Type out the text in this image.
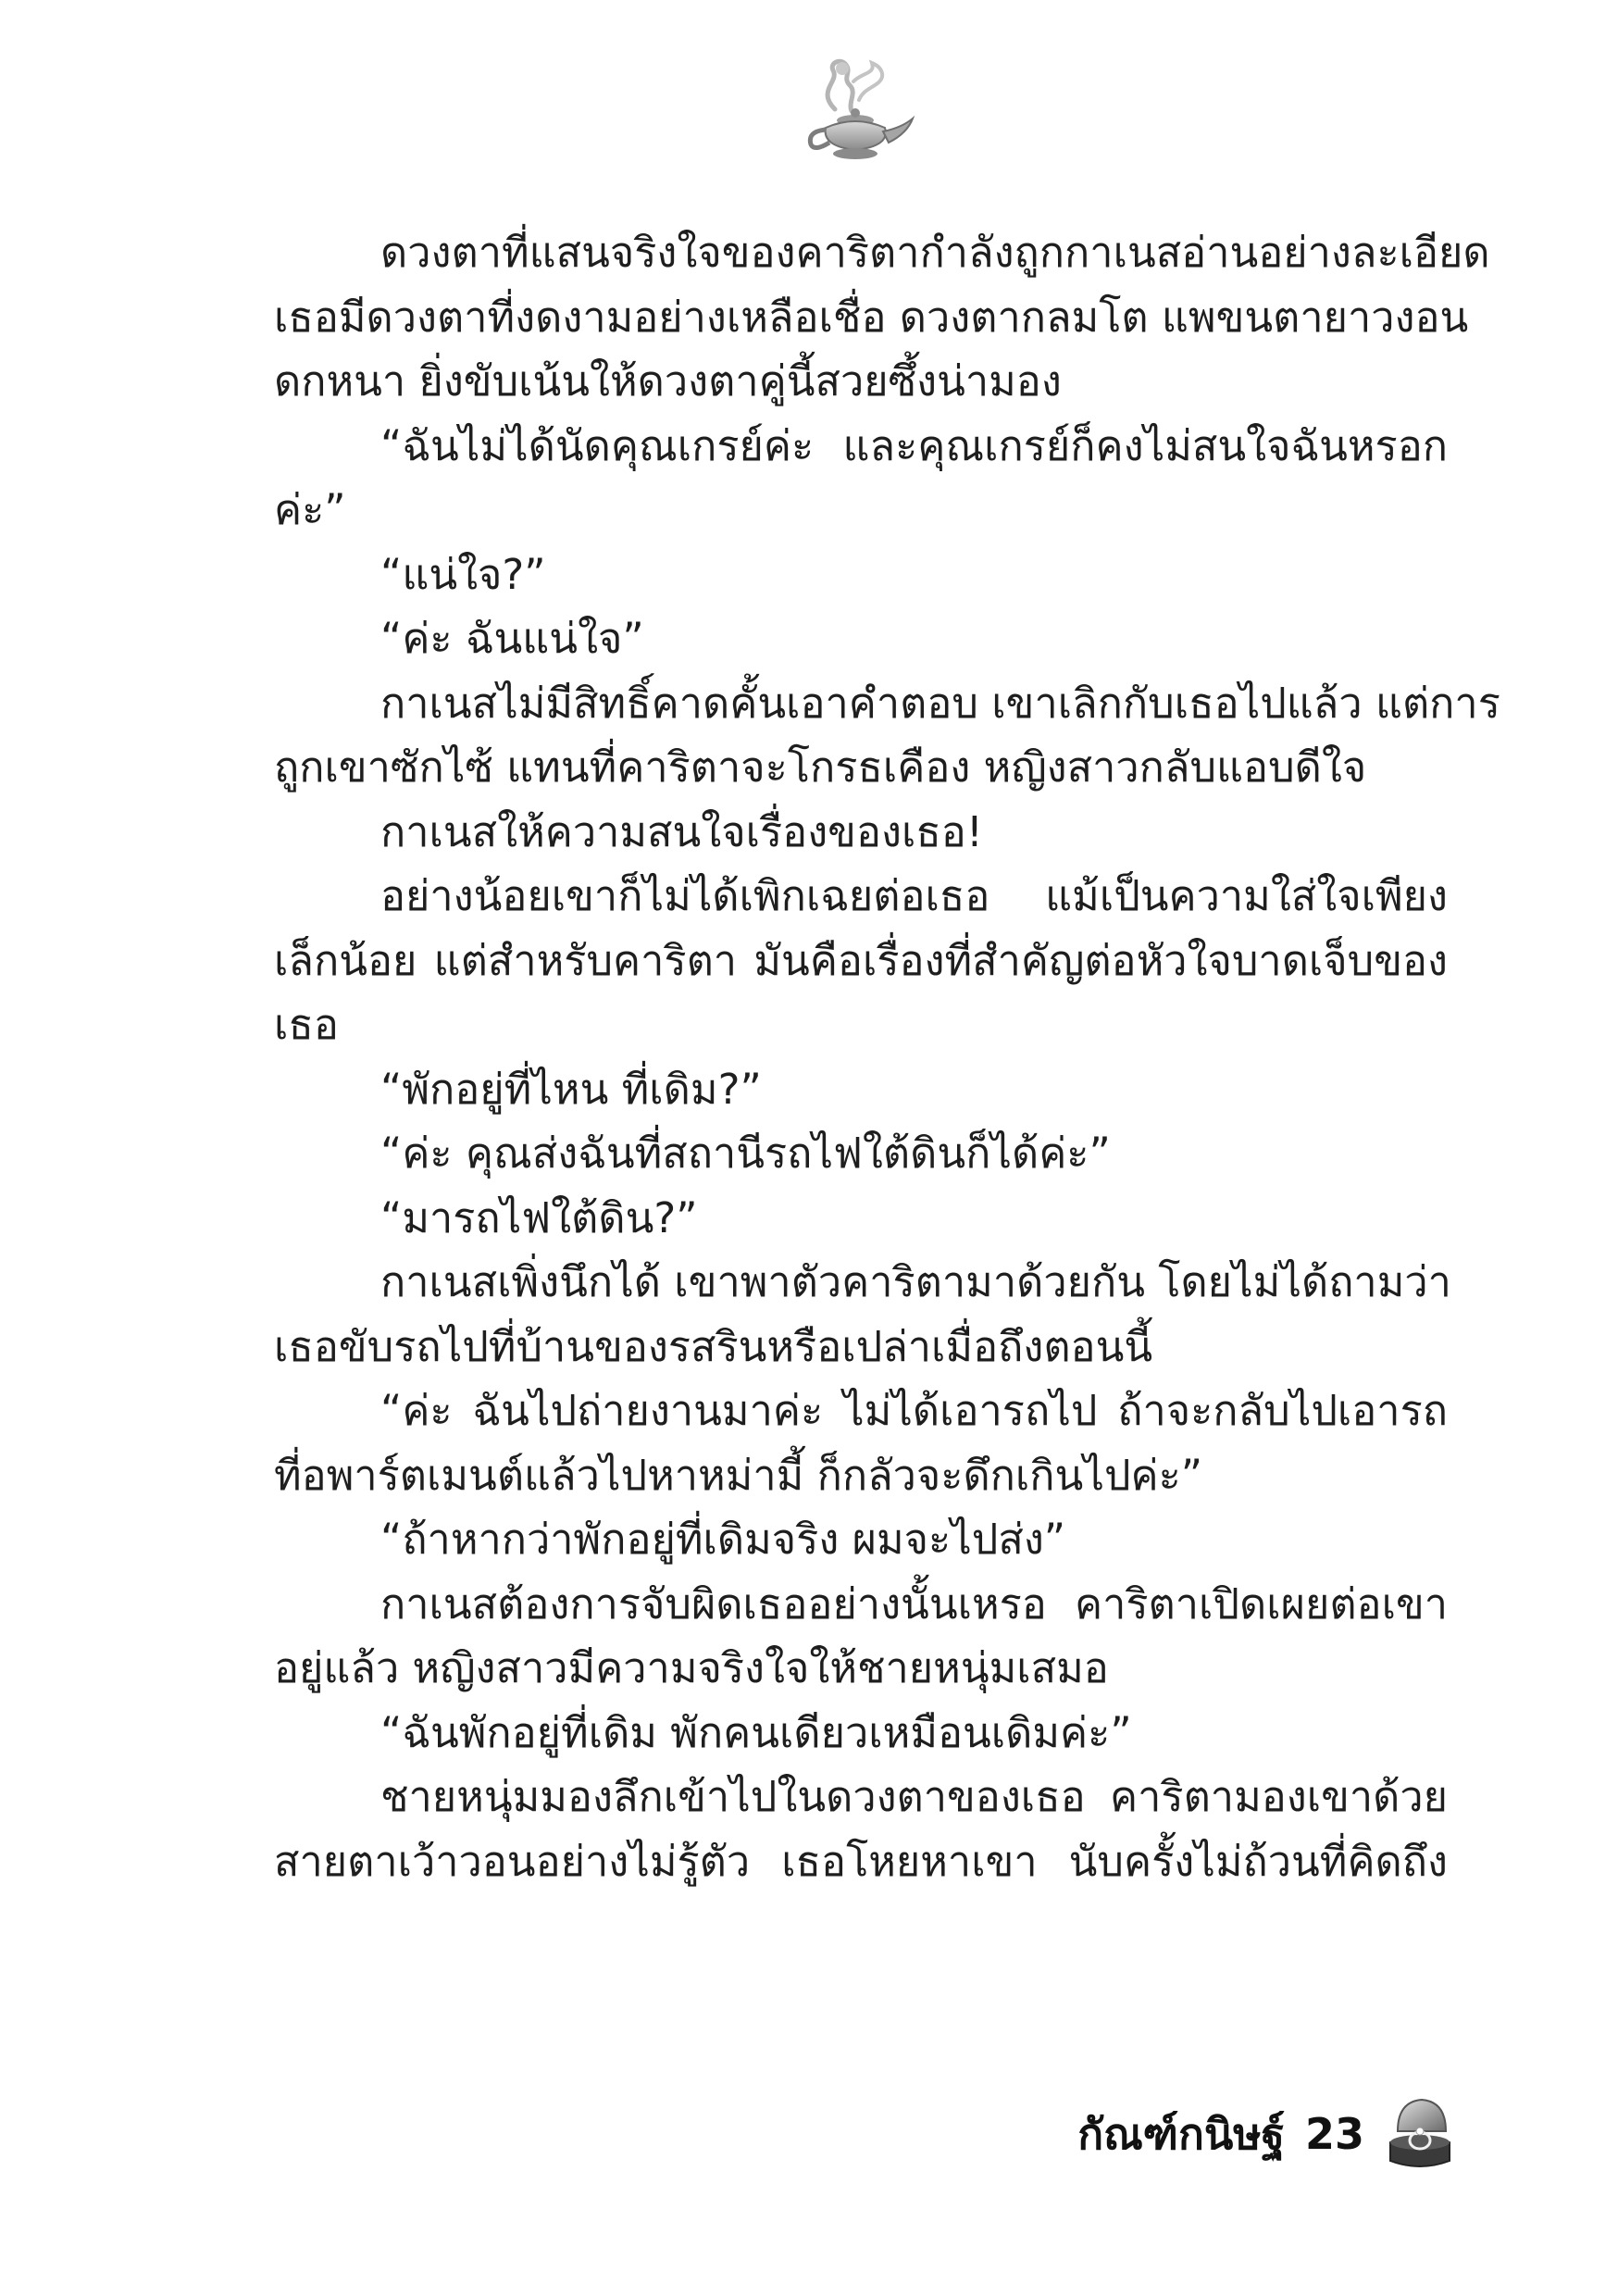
ดวงตาที่แสนจริงใจของคาริตากำลังถูกกาเนสอ่านอย่างละเอียด
เธอมีดวงตาที่งดงามอย่างเหลือเชื่อ ดวงตากลมโต แพขนตายาวงอน
ดกหนา ยิ่งขับเน้นให้ดวงตาคู่นี้สวยซึ้งน่ามอง
“ฉันไม่ได้นัดคุณเกรย์ค่ะ และคุณเกรย์ก็คงไม่สนใจฉันหรอก
ค่ะ”
“แน่ใจ?”
“ค่ะ ฉันแน่ใจ”
กาเนสไม่มีสิทธิ์คาดคั้นเอาคำตอบ เขาเลิกกับเธอไปแล้ว แต่การ
ถูกเขาซักไซ้ แทนที่คาริตาจะโกรธเคือง หญิงสาวกลับแอบดีใจ
กาเนสให้ความสนใจเรื่องของเธอ!
อย่างน้อยเขาก็ไม่ได้เพิกเฉยต่อเธอ แม้เป็นความใส่ใจเพียง
เล็กน้อย แต่สำหรับคาริตา มันคือเรื่องที่สำคัญต่อหัวใจบาดเจ็บของ
เธอ
“พักอยู่ที่ไหน ที่เดิม?”
“ค่ะ คุณส่งฉันที่สถานีรถไฟใต้ดินก็ได้ค่ะ”
“มารถไฟใต้ดิน?”
กาเนสเพิ่งนึกได้ เขาพาตัวคาริตามาด้วยกัน โดยไม่ได้ถามว่า
เธอขับรถไปที่บ้านของรสรินหรือเปล่าเมื่อถึงตอนนี้
“ค่ะ ฉันไปถ่ายงานมาค่ะ ไม่ได้เอารถไป ถ้าจะกลับไปเอารถ
ที่อพาร์ตเมนต์แล้วไปหาหม่ามี้ ก็กลัวจะดึกเกินไปค่ะ”
“ถ้าหากว่าพักอยู่ที่เดิมจริง ผมจะไปส่ง”
กาเนสต้องการจับผิดเธออย่างนั้นเหรอ คาริตาเปิดเผยต่อเขา
อยู่แล้ว หญิงสาวมีความจริงใจให้ชายหนุ่มเสมอ
“ฉันพักอยู่ที่เดิม พักคนเดียวเหมือนเดิมค่ะ”
ชายหนุ่มมองลึกเข้าไปในดวงตาของเธอ คาริตามองเขาด้วย
สายตาเว้าวอนอย่างไม่รู้ตัว เธอโหยหาเขา นับครั้งไม่ถ้วนที่คิดถึง
กัณฑ์กนิษฐ์ 23
